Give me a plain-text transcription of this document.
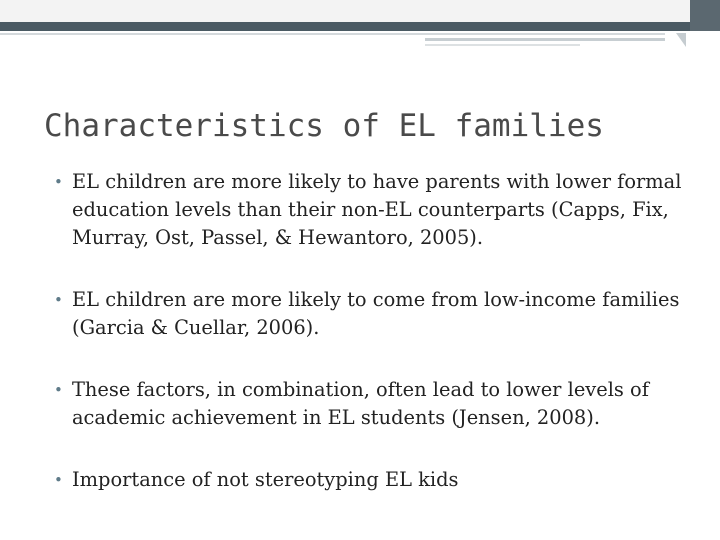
Characteristics of EL families
• EL children are more likely to have parents with lower formal education levels than their non-EL counterparts (Capps, Fix, Murray, Ost, Passel, & Hewantoro, 2005).
• EL children are more likely to come from low-income families (Garcia & Cuellar, 2006).
• These factors, in combination, often lead to lower levels of academic achievement in EL students (Jensen, 2008).
• Importance of not stereotyping EL kids
